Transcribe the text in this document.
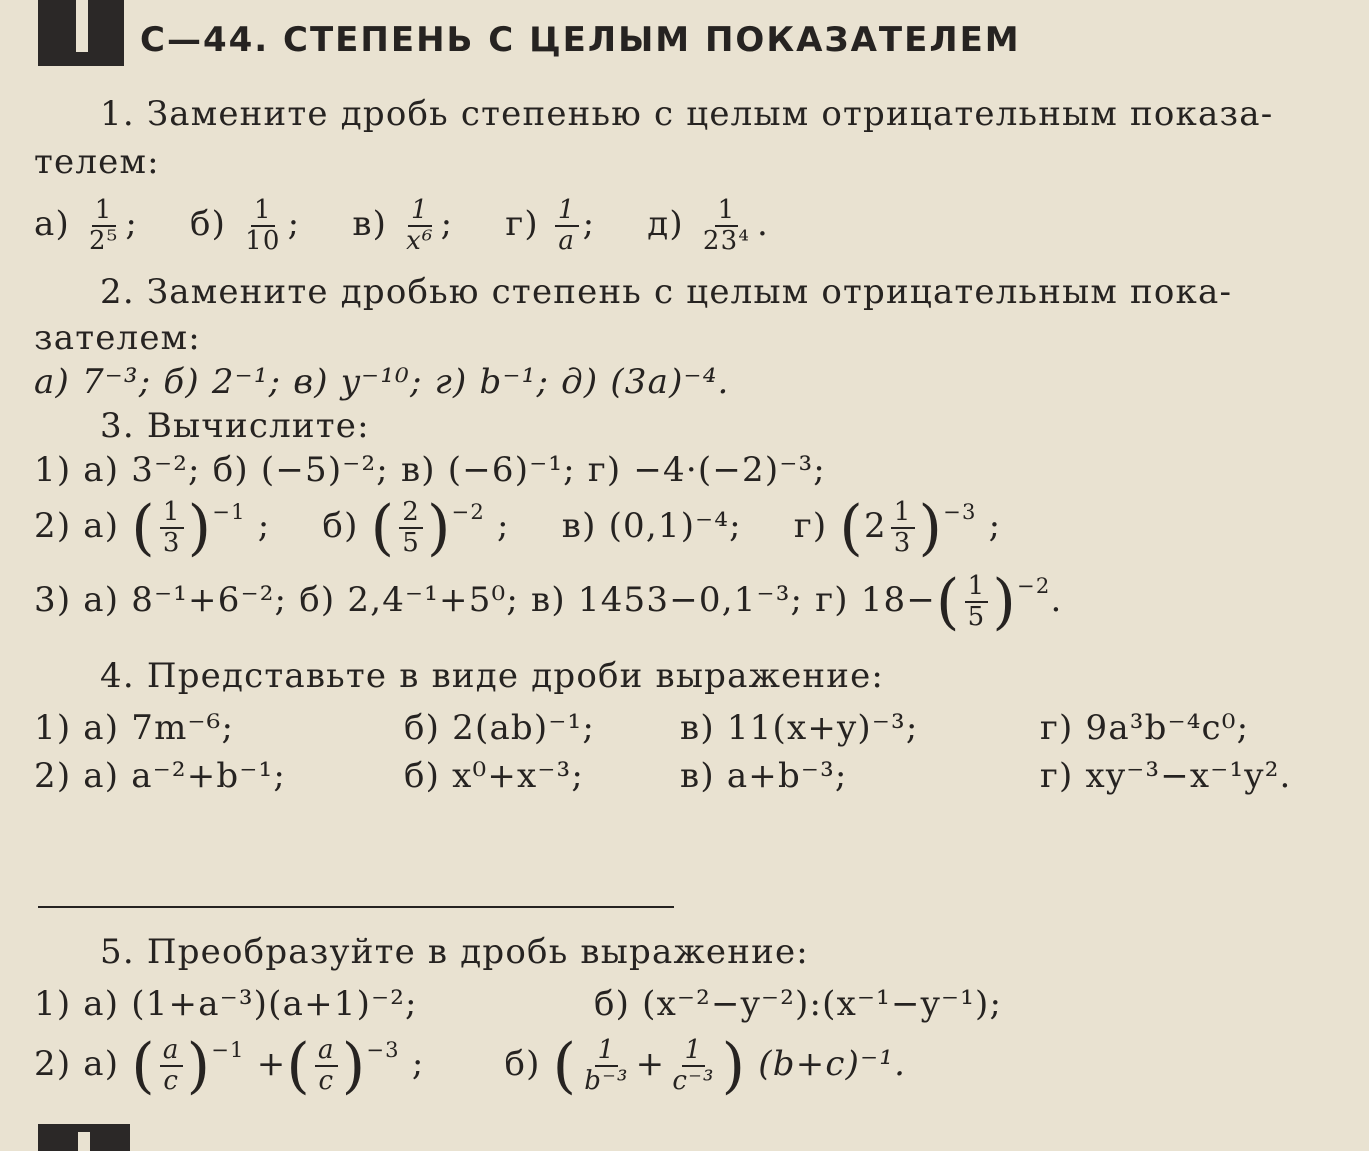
С—44. СТЕПЕНЬ С ЦЕЛЫМ ПОКАЗАТЕЛЕМ
1. Замените дробь степенью с целым отрицательным показа-
телем:
$а) \frac{1}{\text{2⁵}}$ ; $б) \frac{1}{10}$ ; $в) \frac{1}{\text{x⁶}}$ ; $г) \frac{1}{a}$ ; $д) \frac{1}{\text{23⁴}}$ .
2. Замените дробью степень с целым отрицательным пока-
зателем:
а) 7⁻³; б) 2⁻¹; в) y⁻¹⁰; г) b⁻¹; д) (3a)⁻⁴.
3. Вычислите:
1) а) 3⁻²; б) (−5)⁻²; в) (−6)⁻¹; г) −4·(−2)⁻³;
2) а) ( $\frac{1}{3} )^{-1}$ ; б) ( $\frac{2}{5} )^{-2}$ ; в) (0,1)⁻⁴; г) $(2 \frac{1}{3} )^{-3}$ ;
3) а) 8⁻¹+6⁻²; б) 2,4⁻¹+5⁰; в) 1453−0,1⁻³; г) $18-( \frac{1}{5} )^{-2}$.
4. Представьте в виде дроби выражение:
1) а) 7m⁻⁶;	б) 2(ab)⁻¹;	в) 11(x+y)⁻³;	г) 9a³b⁻⁴c⁰;
2) а) a⁻²+b⁻¹;	б) x⁰+x⁻³;	в) a+b⁻³;	г) xy⁻³−x⁻¹y².
5. Преобразуйте в дробь выражение:
1) а) (1+a⁻³)(a+1)⁻²;	б) (x⁻²−y⁻²):(x⁻¹−y⁻¹);
2) а) ( $\frac{a}{c} )^{-1}$ +( $\frac{a}{c} )^{-3}$ ; б) ( $\frac{1}{\text{b⁻³}} + \frac{1}{\text{c⁻³}}$ ) (b+c)⁻¹.
